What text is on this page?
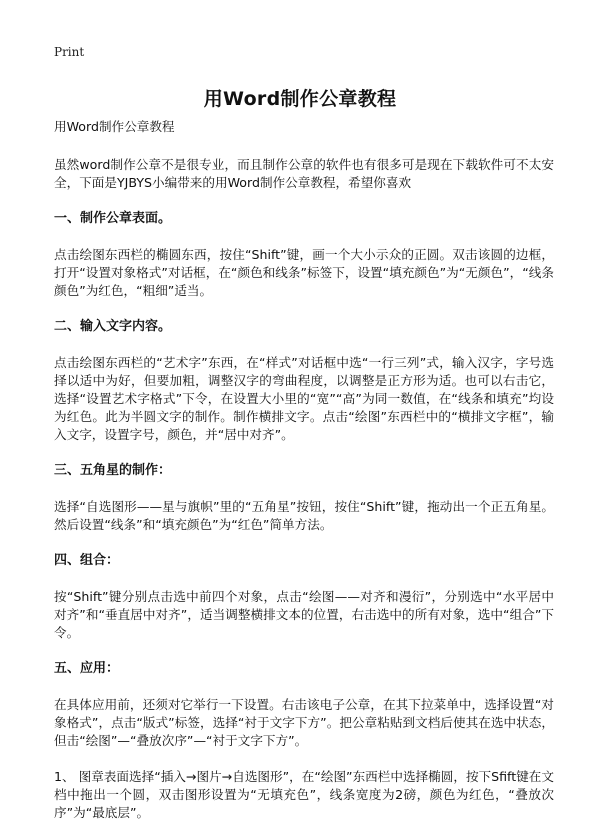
Print
用Word制作公章教程

用Word制作公章教程

虽然word制作公章不是很专业，而且制作公章的软件也有很多可是现在下载软件可不太安全，下面是YJBYS小编带来的用Word制作公章教程，希望你喜欢

一、制作公章表面。

点击绘图东西栏的椭圆东西，按住“Shift”键，画一个大小示众的正圆。双击该圆的边框，打开“设置对象格式”对话框，在“颜色和线条”标签下，设置“填充颜色”为“无颜色”，“线条颜色”为红色，“粗细”适当。

二、输入文字内容。

点击绘图东西栏的“艺术字”东西，在“样式”对话框中选“一行三列”式，输入汉字，字号选择以适中为好，但要加粗，调整汉字的弯曲程度，以调整是正方形为适。也可以右击它，选择“设置艺术字格式”下令，在设置大小里的“宽”“高”为同一数值，在“线条和填充”均设为红色。此为半圆文字的制作。制作横排文字。点击“绘图”东西栏中的“横排文字框”，输入文字，设置字号，颜色，并“居中对齐”。

三、五角星的制作：

选择“自选图形——星与旗帜”里的“五角星”按钮，按住“Shift”键，拖动出一个正五角星。然后设置“线条”和“填充颜色”为“红色”简单方法。

四、组合：

按“Shift”键分别点击选中前四个对象，点击“绘图——对齐和漫衍”，分别选中“水平居中对齐”和“垂直居中对齐”，适当调整横排文本的位置，右击选中的所有对象，选中“组合”下令。

五、应用：

在具体应用前，还须对它举行一下设置。右击该电子公章，在其下拉菜单中，选择设置“对象格式”，点击“版式”标签，选择“衬于文字下方”。把公章粘贴到文档后使其在选中状态，但击“绘图”—“叠放次序”—“衬于文字下方”。

1、 图章表面选择“插入→图片→自选图形”，在“绘图”东西栏中选择椭圆，按下Sfift键在文档中拖出一个圆，双击图形设置为“无填充色”，线条宽度为2磅，颜色为红色，“叠放次序”为“最底层”。
